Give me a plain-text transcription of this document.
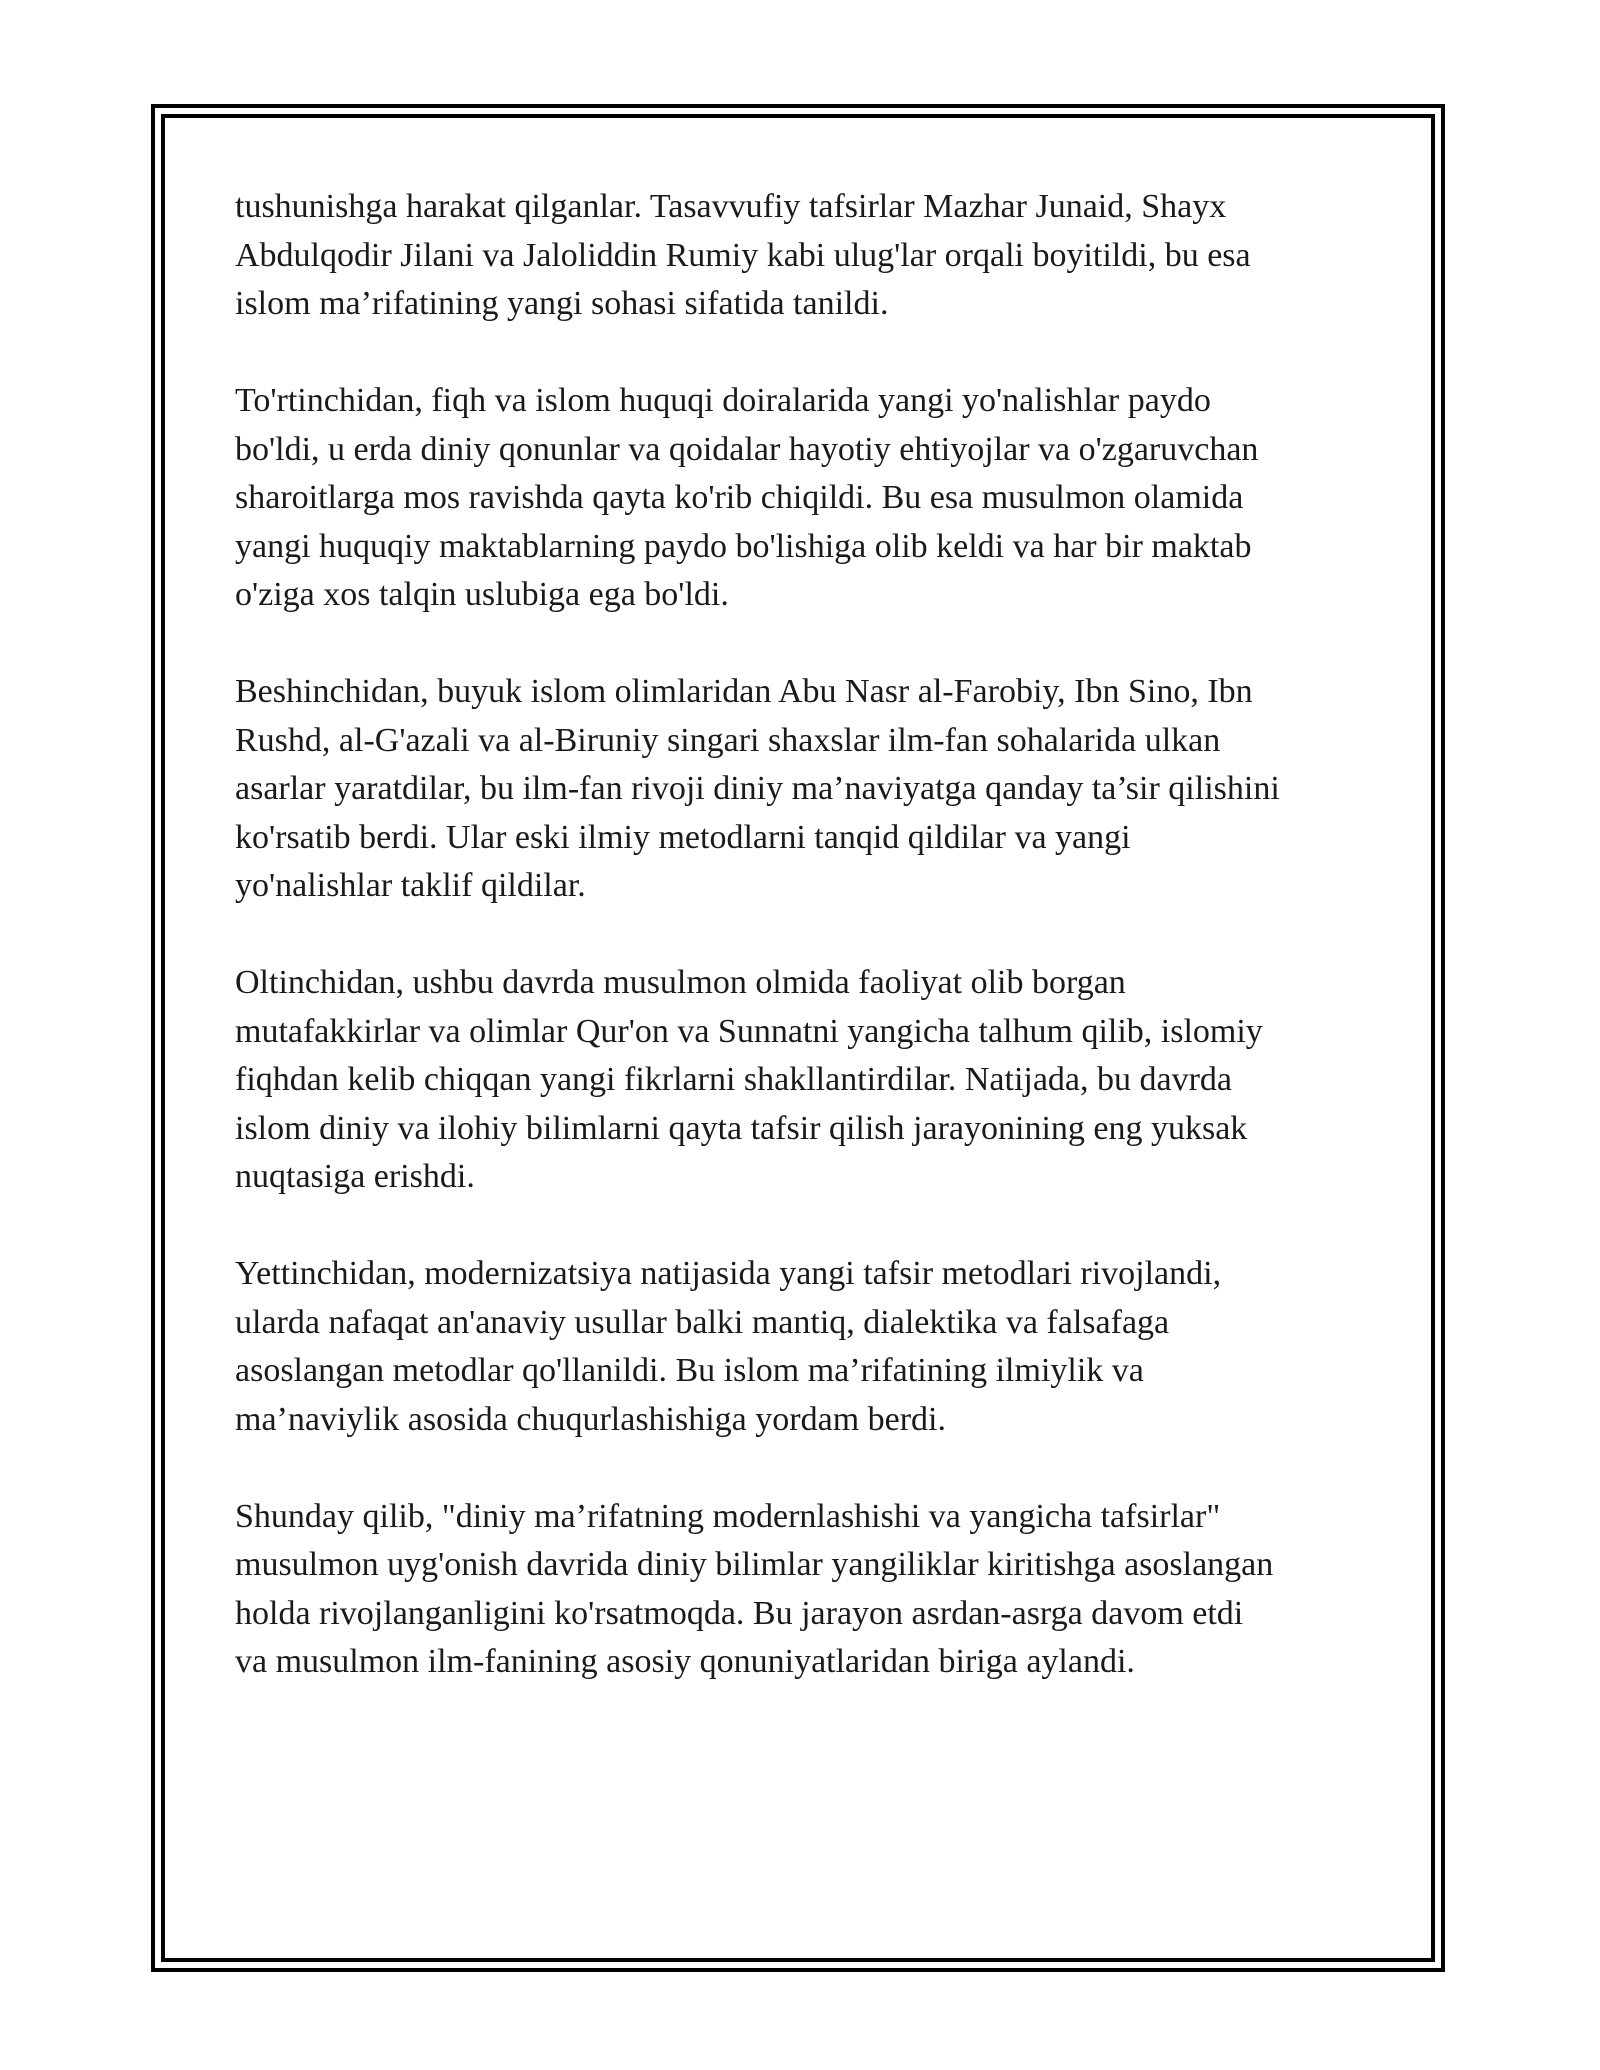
tushunishga harakat qilganlar. Tasavvufiy tafsirlar Mazhar Junaid, Shayx
Abdulqodir Jilani va Jaloliddin Rumiy kabi ulug'lar orqali boyitildi, bu esa
islom ma’rifatining yangi sohasi sifatida tanildi.

To'rtinchidan, fiqh va islom huquqi doiralarida yangi yo'nalishlar paydo
bo'ldi, u erda diniy qonunlar va qoidalar hayotiy ehtiyojlar va o'zgaruvchan
sharoitlarga mos ravishda qayta ko'rib chiqildi. Bu esa musulmon olamida
yangi huquqiy maktablarning paydo bo'lishiga olib keldi va har bir maktab
o'ziga xos talqin uslubiga ega bo'ldi.

Beshinchidan, buyuk islom olimlaridan Abu Nasr al-Farobiy, Ibn Sino, Ibn
Rushd, al-G'azali va al-Biruniy singari shaxslar ilm-fan sohalarida ulkan
asarlar yaratdilar, bu ilm-fan rivoji diniy ma’naviyatga qanday ta’sir qilishini
ko'rsatib berdi. Ular eski ilmiy metodlarni tanqid qildilar va yangi
yo'nalishlar taklif qildilar.

Oltinchidan, ushbu davrda musulmon olmida faoliyat olib borgan
mutafakkirlar va olimlar Qur'on va Sunnatni yangicha talhum qilib, islomiy
fiqhdan kelib chiqqan yangi fikrlarni shakllantirdilar. Natijada, bu davrda
islom diniy va ilohiy bilimlarni qayta tafsir qilish jarayonining eng yuksak
nuqtasiga erishdi.

Yettinchidan, modernizatsiya natijasida yangi tafsir metodlari rivojlandi,
ularda nafaqat an'anaviy usullar balki mantiq, dialektika va falsafaga
asoslangan metodlar qo'llanildi. Bu islom ma’rifatining ilmiylik va
ma’naviylik asosida chuqurlashishiga yordam berdi.

Shunday qilib, "diniy ma’rifatning modernlashishi va yangicha tafsirlar"
musulmon uyg'onish davrida diniy bilimlar yangiliklar kiritishga asoslangan
holda rivojlanganligini ko'rsatmoqda. Bu jarayon asrdan-asrga davom etdi
va musulmon ilm-fanining asosiy qonuniyatlaridan biriga aylandi.
